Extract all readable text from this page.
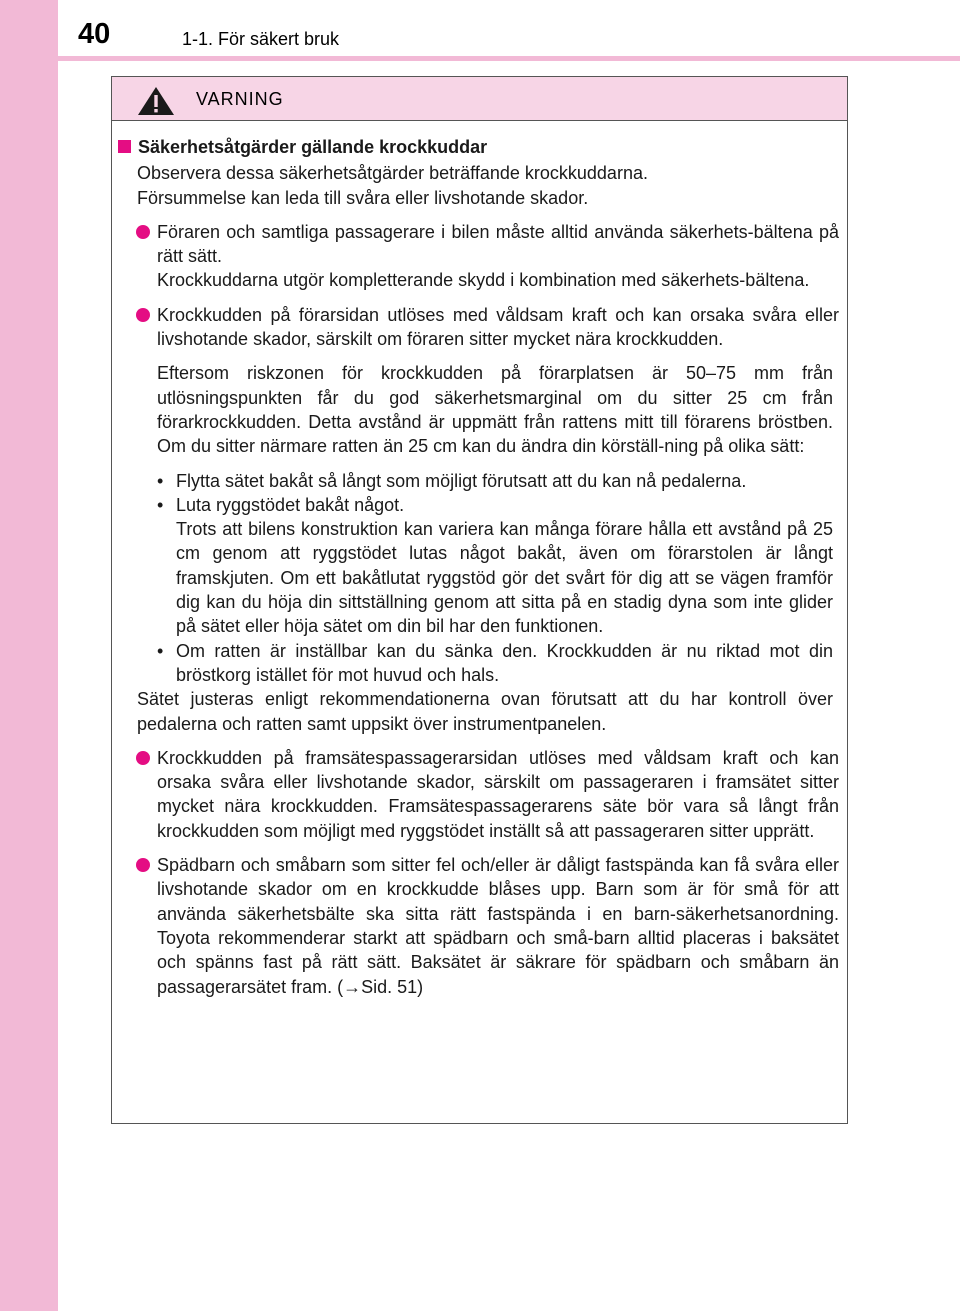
40	1-1. För säkert bruk
VARNING
Säkerhetsåtgärder gällande krockkuddar

Observera dessa säkerhetsåtgärder beträffande krockkuddarna.

Försummelse kan leda till svåra eller livshotande skador.

Föraren och samtliga passagerare i bilen måste alltid använda säkerhets-bältena på rätt sätt.

Krockkuddarna utgör kompletterande skydd i kombination med säkerhets-bältena.

Krockkudden på förarsidan utlöses med våldsam kraft och kan orsaka svåra eller livshotande skador, särskilt om föraren sitter mycket nära krockkudden.

Eftersom riskzonen för krockkudden på förarplatsen är 50–75 mm från utlösningspunkten får du god säkerhetsmarginal om du sitter 25 cm från förarkrockkudden. Detta avstånd är uppmätt från rattens mitt till förarens bröstben. Om du sitter närmare ratten än 25 cm kan du ändra din körställ-ning på olika sätt:
• Flytta sätet bakåt så långt som möjligt förutsatt att du kan nå pedalerna.
• Luta ryggstödet bakåt något.
Trots att bilens konstruktion kan variera kan många förare hålla ett avstånd på 25 cm genom att ryggstödet lutas något bakåt, även om förarstolen är långt framskjuten. Om ett bakåtlutat ryggstöd gör det svårt för dig att se vägen framför dig kan du höja din sittställning genom att sitta på en stadig dyna som inte glider på sätet eller höja sätet om din bil har den funktionen.
• Om ratten är inställbar kan du sänka den. Krockkudden är nu riktad mot din bröstkorg istället för mot huvud och hals.
Sätet justeras enligt rekommendationerna ovan förutsatt att du har kontroll över pedalerna och ratten samt uppsikt över instrumentpanelen.

Krockkudden på framsätespassagerarsidan utlöses med våldsam kraft och kan orsaka svåra eller livshotande skador, särskilt om passageraren i framsätet sitter mycket nära krockkudden. Framsätespassagerarens säte bör vara så långt från krockkudden som möjligt med ryggstödet inställt så att passageraren sitter upprätt.

Spädbarn och småbarn som sitter fel och/eller är dåligt fastspända kan få svåra eller livshotande skador om en krockkudde blåses upp. Barn som är för små för att använda säkerhetsbälte ska sitta rätt fastspända i en barn-säkerhetsanordning. Toyota rekommenderar starkt att spädbarn och små-barn alltid placeras i baksätet och spänns fast på rätt sätt. Baksätet är säkrare för spädbarn och småbarn än passagerarsätet fram. (→Sid. 51)
